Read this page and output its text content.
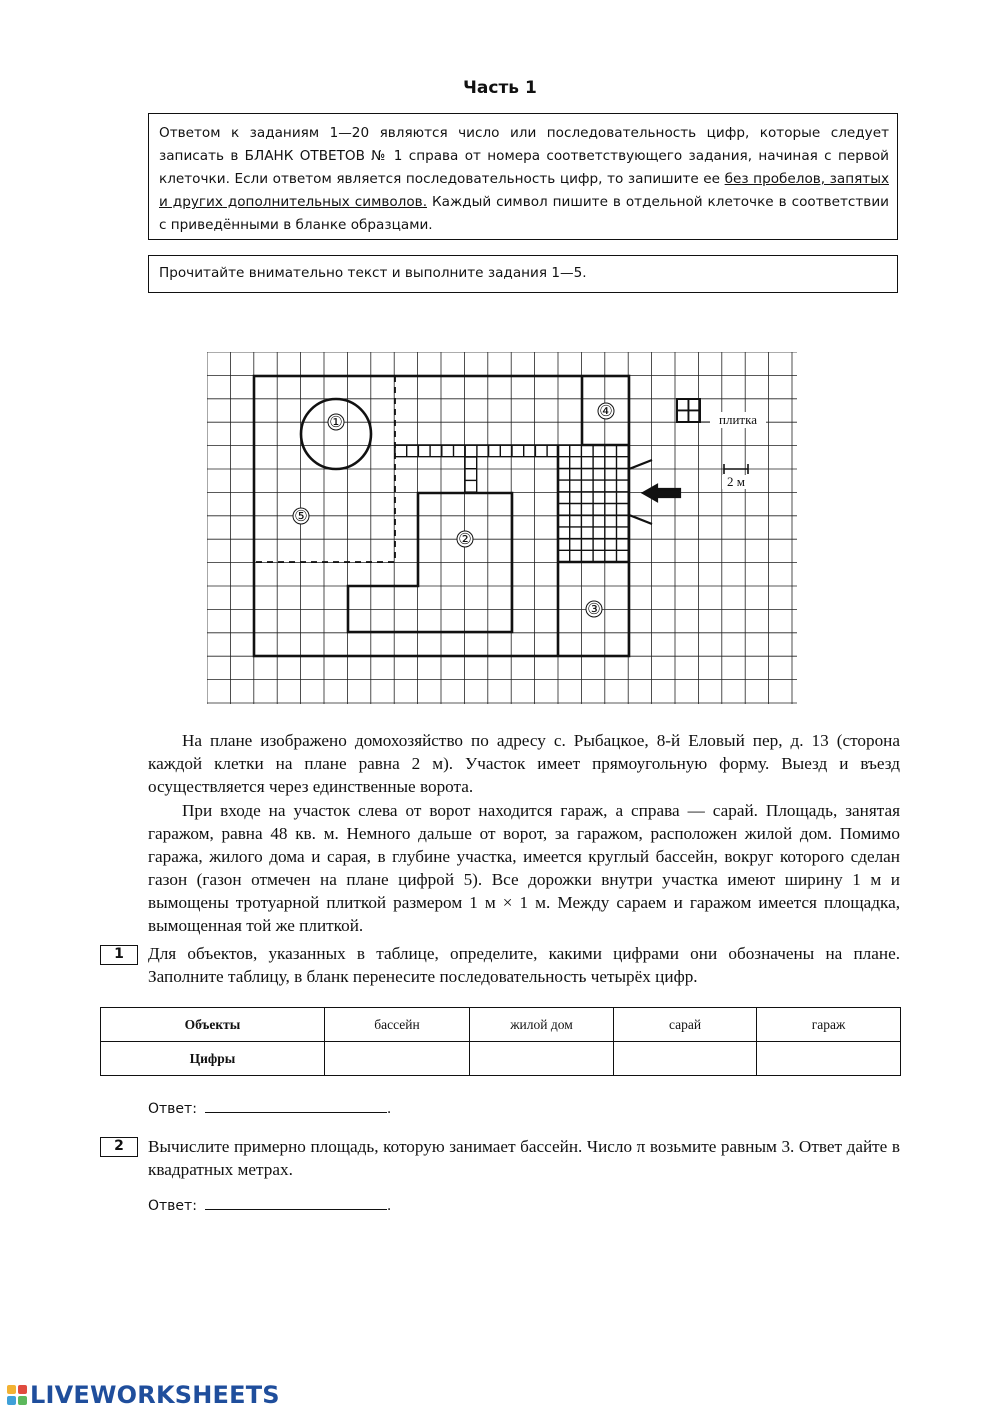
Часть 1
Ответом к заданиям 1—20 являются число или последовательность цифр, которые следует записать в БЛАНК ОТВЕТОВ № 1 справа от номера соответствующего задания, начиная с первой клеточки. Если ответом является последовательность цифр, то запишите ее без пробелов, запятых и других дополнительных символов. Каждый символ пишите в отдельной клеточке в соответствии с приведёнными в бланке образцами.
Прочитайте внимательно текст и выполните задания 1—5.
плитка
2 м
①
②
③
④
⑤
На плане изображено домохозяйство по адресу с. Рыбацкое, 8-й Еловый пер, д. 13 (сторона каждой клетки на плане равна 2 м). Участок имеет прямоугольную форму. Выезд и въезд осуществляется через единственные ворота.
При входе на участок слева от ворот находится гараж, а справа — сарай. Площадь, занятая гаражом, равна 48 кв. м. Немного дальше от ворот, за гаражом, расположен жилой дом. Помимо гаража, жилого дома и сарая, в глубине участка, имеется круглый бассейн, вокруг которого сделан газон (газон отмечен на плане цифрой 5). Все дорожки внутри участка имеют ширину 1 м и вымощены тротуарной плиткой размером 1 м × 1 м. Между сараем и гаражом имеется площадка, вымощенная той же плиткой.
1	Для объектов, указанных в таблице, определите, какими цифрами они обозначены на плане. Заполните таблицу, в бланк перенесите последовательность четырёх цифр.
Объекты	бассейн	жилой дом	сарай	гараж
Цифры				
Ответ:	.
2	Вычислите примерно площадь, которую занимает бассейн. Число π возьмите равным 3. Ответ дайте в квадратных метрах.
Ответ:	.
LIVEWORKSHEETS
